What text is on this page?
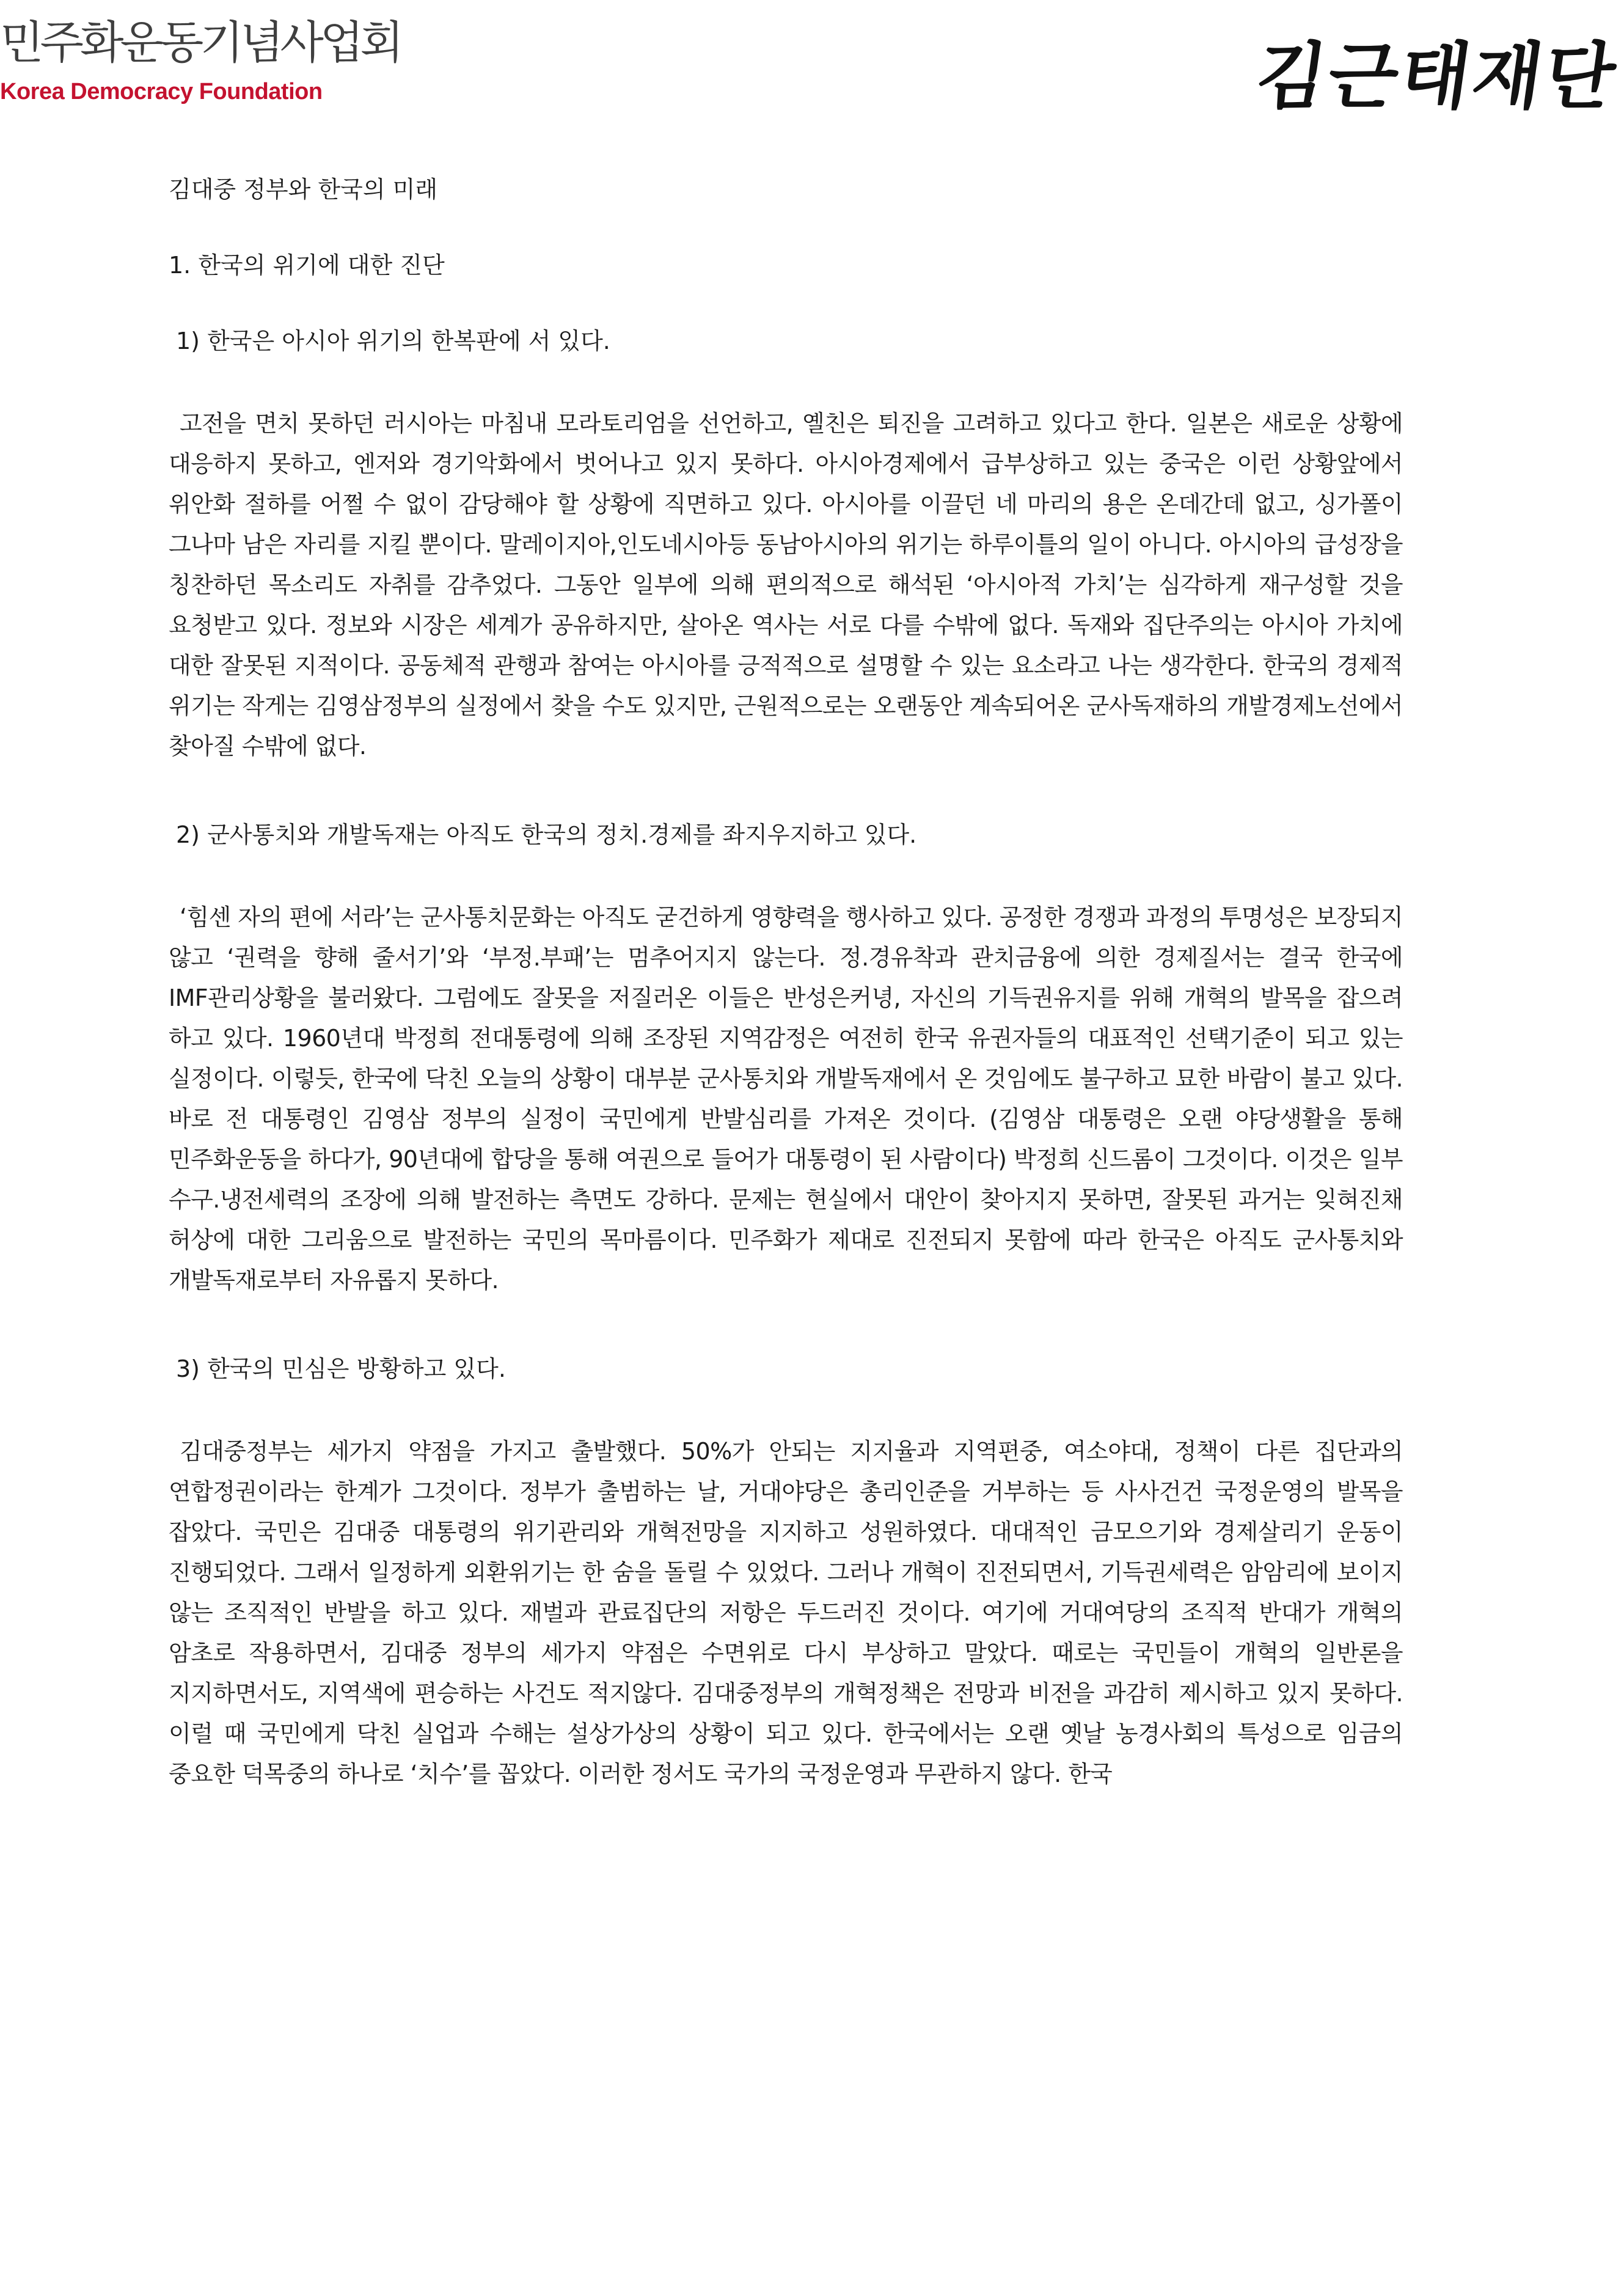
민주화운동기념사업회
Korea Democracy Foundation	김근태재단
김대중 정부와 한국의 미래
1. 한국의 위기에 대한 진단
1) 한국은 아시아 위기의 한복판에 서 있다.

고전을 면치 못하던 러시아는 마침내 모라토리엄을 선언하고, 옐친은 퇴진을 고려하고 있다고 한다. 일본은 새로운 상황에 대응하지 못하고, 엔저와 경기악화에서 벗어나고 있지 못하다. 아시아경제에서 급부상하고 있는 중국은 이런 상황앞에서 위안화 절하를 어쩔 수 없이 감당해야 할 상황에 직면하고 있다. 아시아를 이끌던 네 마리의 용은 온데간데 없고, 싱가폴이 그나마 남은 자리를 지킬 뿐이다. 말레이지아,인도네시아등 동남아시아의 위기는 하루이틀의 일이 아니다. 아시아의 급성장을 칭찬하던 목소리도 자취를 감추었다. 그동안 일부에 의해 편의적으로 해석된 ‘아시아적 가치’는 심각하게 재구성할 것을 요청받고 있다. 정보와 시장은 세계가 공유하지만, 살아온 역사는 서로 다를 수밖에 없다. 독재와 집단주의는 아시아 가치에 대한 잘못된 지적이다. 공동체적 관행과 참여는 아시아를 긍적적으로 설명할 수 있는 요소라고 나는 생각한다. 한국의 경제적 위기는 작게는 김영삼정부의 실정에서 찾을 수도 있지만, 근원적으로는 오랜동안 계속되어온 군사독재하의 개발경제노선에서 찾아질 수밖에 없다.

2) 군사통치와 개발독재는 아직도 한국의 정치.경제를 좌지우지하고 있다.

‘힘센 자의 편에 서라’는 군사통치문화는 아직도 굳건하게 영향력을 행사하고 있다. 공정한 경쟁과 과정의 투명성은 보장되지 않고 ‘권력을 향해 줄서기’와 ‘부정.부패’는 멈추어지지 않는다. 정.경유착과 관치금융에 의한 경제질서는 결국 한국에 IMF관리상황을 불러왔다. 그럼에도 잘못을 저질러온 이들은 반성은커녕, 자신의 기득권유지를 위해 개혁의 발목을 잡으려 하고 있다. 1960년대 박정희 전대통령에 의해 조장된 지역감정은 여전히 한국 유권자들의 대표적인 선택기준이 되고 있는 실정이다. 이렇듯, 한국에 닥친 오늘의 상황이 대부분 군사통치와 개발독재에서 온 것임에도 불구하고 묘한 바람이 불고 있다. 바로 전 대통령인 김영삼 정부의 실정이 국민에게 반발심리를 가져온 것이다. (김영삼 대통령은 오랜 야당생활을 통해 민주화운동을 하다가, 90년대에 합당을 통해 여권으로 들어가 대통령이 된 사람이다) 박정희 신드롬이 그것이다. 이것은 일부 수구.냉전세력의 조장에 의해 발전하는 측면도 강하다. 문제는 현실에서 대안이 찾아지지 못하면, 잘못된 과거는 잊혀진채 허상에 대한 그리움으로 발전하는 국민의 목마름이다. 민주화가 제대로 진전되지 못함에 따라 한국은 아직도 군사통치와 개발독재로부터 자유롭지 못하다.

3) 한국의 민심은 방황하고 있다.

김대중정부는 세가지 약점을 가지고 출발했다. 50%가 안되는 지지율과 지역편중, 여소야대, 정책이 다른 집단과의 연합정권이라는 한계가 그것이다. 정부가 출범하는 날, 거대야당은 총리인준을 거부하는 등 사사건건 국정운영의 발목을 잡았다. 국민은 김대중 대통령의 위기관리와 개혁전망을 지지하고 성원하였다. 대대적인 금모으기와 경제살리기 운동이 진행되었다. 그래서 일정하게 외환위기는 한 숨을 돌릴 수 있었다. 그러나 개혁이 진전되면서, 기득권세력은 암암리에 보이지 않는 조직적인 반발을 하고 있다. 재벌과 관료집단의 저항은 두드러진 것이다. 여기에 거대여당의 조직적 반대가 개혁의 암초로 작용하면서, 김대중 정부의 세가지 약점은 수면위로 다시 부상하고 말았다. 때로는 국민들이 개혁의 일반론을 지지하면서도, 지역색에 편승하는 사건도 적지않다. 김대중정부의 개혁정책은 전망과 비전을 과감히 제시하고 있지 못하다. 이럴 때 국민에게 닥친 실업과 수해는 설상가상의 상황이 되고 있다. 한국에서는 오랜 옛날 농경사회의 특성으로 임금의 중요한 덕목중의 하나로 ‘치수’를 꼽았다. 이러한 정서도 국가의 국정운영과 무관하지 않다. 한국
